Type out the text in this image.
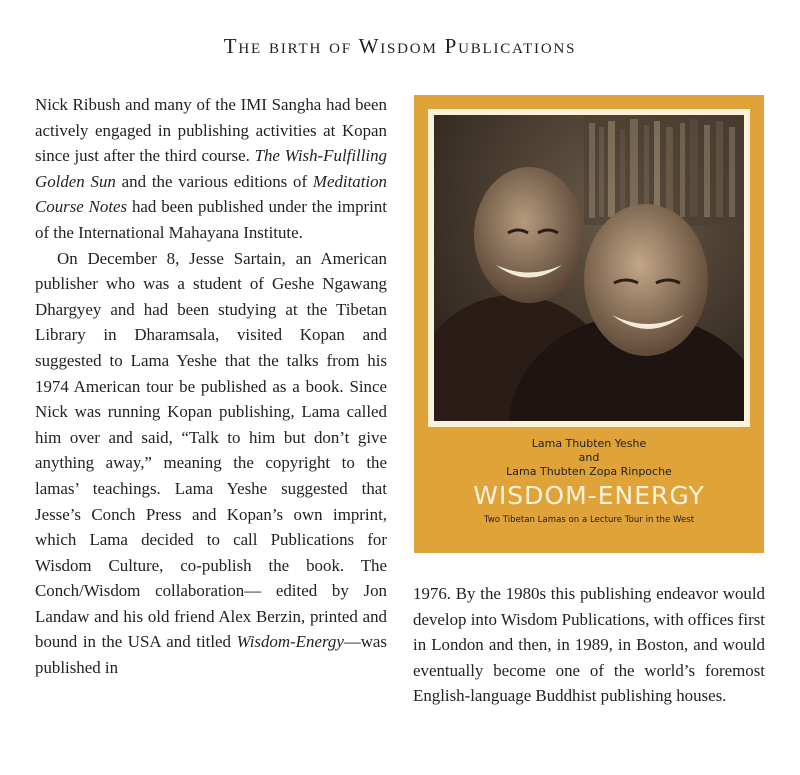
The birth of Wisdom Publications

Nick Ribush and many of the IMI Sangha had been actively engaged in publishing activities at Kopan since just after the third course. The Wish-Fulfilling Golden Sun and the various editions of Meditation Course Notes had been published under the imprint of the International Mahayana Institute.

On December 8, Jesse Sartain, an American publisher who was a student of Geshe Ngawang Dhargyey and had been studying at the Tibetan Library in Dharamsala, visited Kopan and suggested to Lama Yeshe that the talks from his 1974 American tour be published as a book. Since Nick was running Kopan publishing, Lama called him over and said, “Talk to him but don’t give anything away,” meaning the copyright to the lamas’ teachings. Lama Yeshe suggested that Jesse’s Conch Press and Kopan’s own imprint, which Lama decided to call Publications for Wisdom Culture, co-publish the book. The Conch/Wisdom collaboration— edited by Jon Landaw and his old friend Alex Berzin, printed and bound in the USA and titled Wisdom-Energy—was published in

Lama Thubten Yeshe
and
Lama Thubten Zopa Rinpoche
WISDOM-ENERGY
Two Tibetan Lamas on a Lecture Tour in the West

1976. By the 1980s this publishing endeavor would develop into Wisdom Publications, with offices first in London and then, in 1989, in Boston, and would eventually become one of the world’s foremost English-language Buddhist publishing houses.
